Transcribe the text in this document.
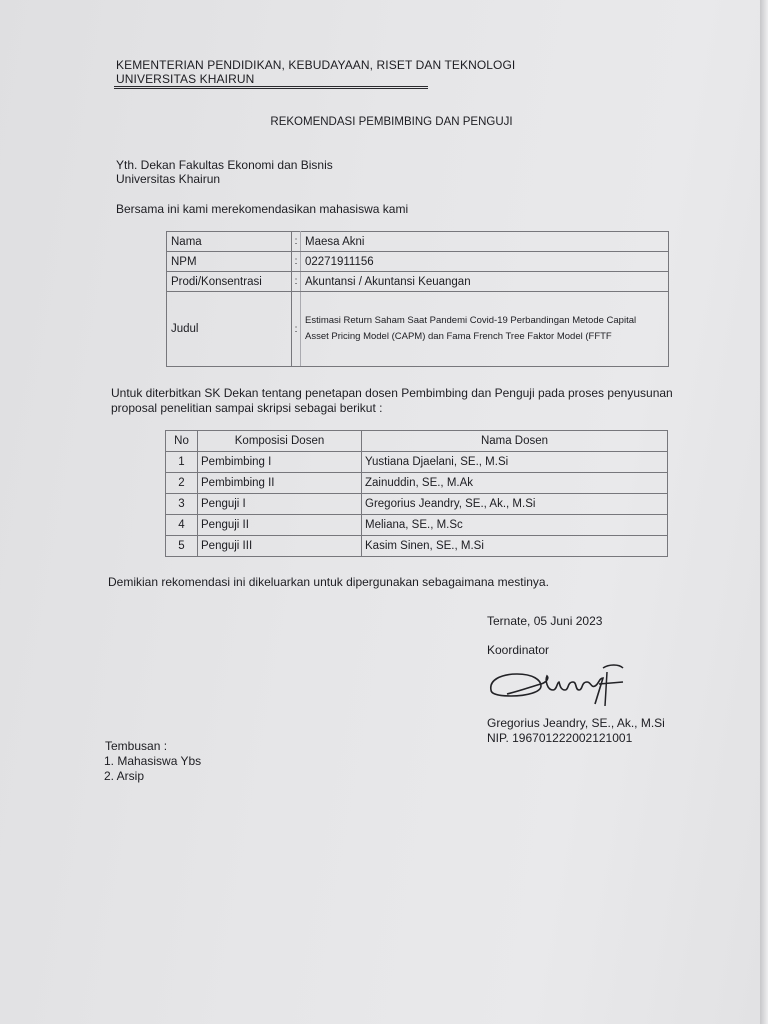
KEMENTERIAN PENDIDIKAN, KEBUDAYAAN, RISET DAN TEKNOLOGI
UNIVERSITAS KHAIRUN
REKOMENDASI PEMBIMBING DAN PENGUJI
Yth. Dekan Fakultas Ekonomi dan Bisnis
Universitas Khairun
Bersama ini kami merekomendasikan mahasiswa kami
Nama	:	Maesa Akni
NPM	:	02271911156
Prodi/Konsentrasi	:	Akuntansi / Akuntansi Keuangan
Judul	:	Estimasi Return Saham Saat Pandemi Covid-19 Perbandingan Metode Capital
Asset Pricing Model (CAPM) dan Fama French Tree Faktor Model (FFTF
Untuk diterbitkan SK Dekan tentang penetapan dosen Pembimbing dan Penguji pada proses penyusunan
proposal penelitian sampai skripsi sebagai berikut :
No	Komposisi Dosen	Nama Dosen
1	Pembimbing I	Yustiana Djaelani, SE., M.Si
2	Pembimbing II	Zainuddin, SE., M.Ak
3	Penguji I	Gregorius Jeandry, SE., Ak., M.Si
4	Penguji II	Meliana, SE., M.Sc
5	Penguji III	Kasim Sinen, SE., M.Si
Demikian rekomendasi ini dikeluarkan untuk dipergunakan sebagaimana mestinya.
Ternate, 05 Juni 2023
Koordinator
Gregorius Jeandry, SE., Ak., M.Si
NIP. 196701222002121001
Tembusan :
1. Mahasiswa Ybs
2. Arsip
